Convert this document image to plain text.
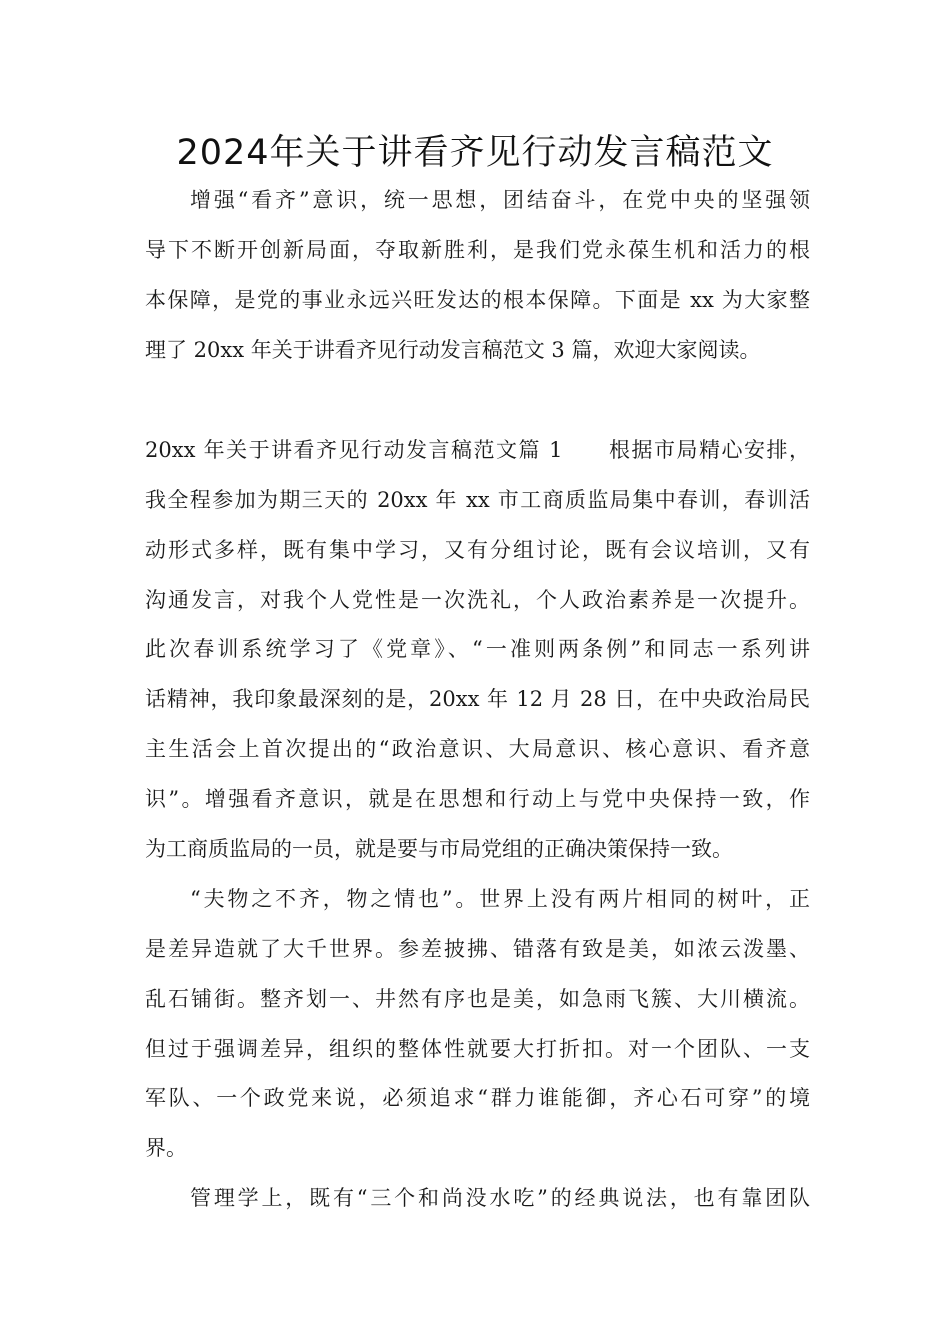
2024年关于讲看齐见行动发言稿范文
增强“看齐”意识，统一思想，团结奋斗，在党中央的坚强领
导下不断开创新局面，夺取新胜利，是我们党永葆生机和活力的根
本保障，是党的事业永远兴旺发达的根本保障。下面是 xx 为大家整
理了 20xx 年关于讲看齐见行动发言稿范文 3 篇，欢迎大家阅读。
20xx 年关于讲看齐见行动发言稿范文篇 1　　根据市局精心安排，
我全程参加为期三天的 20xx 年 xx 市工商质监局集中春训，春训活
动形式多样，既有集中学习，又有分组讨论，既有会议培训，又有
沟通发言，对我个人党性是一次洗礼，个人政治素养是一次提升。
此次春训系统学习了《党章》、“一准则两条例”和同志一系列讲
话精神，我印象最深刻的是，20xx 年 12 月 28 日，在中央政治局民
主生活会上首次提出的“政治意识、大局意识、核心意识、看齐意
识”。增强看齐意识，就是在思想和行动上与党中央保持一致，作
为工商质监局的一员，就是要与市局党组的正确决策保持一致。
“夫物之不齐，物之情也”。世界上没有两片相同的树叶，正
是差异造就了大千世界。参差披拂、错落有致是美，如浓云泼墨、
乱石铺街。整齐划一、井然有序也是美，如急雨飞簇、大川横流。
但过于强调差异，组织的整体性就要大打折扣。对一个团队、一支
军队、一个政党来说，必须追求“群力谁能御，齐心石可穿”的境
界。
管理学上，既有“三个和尚没水吃”的经典说法，也有靠团队
